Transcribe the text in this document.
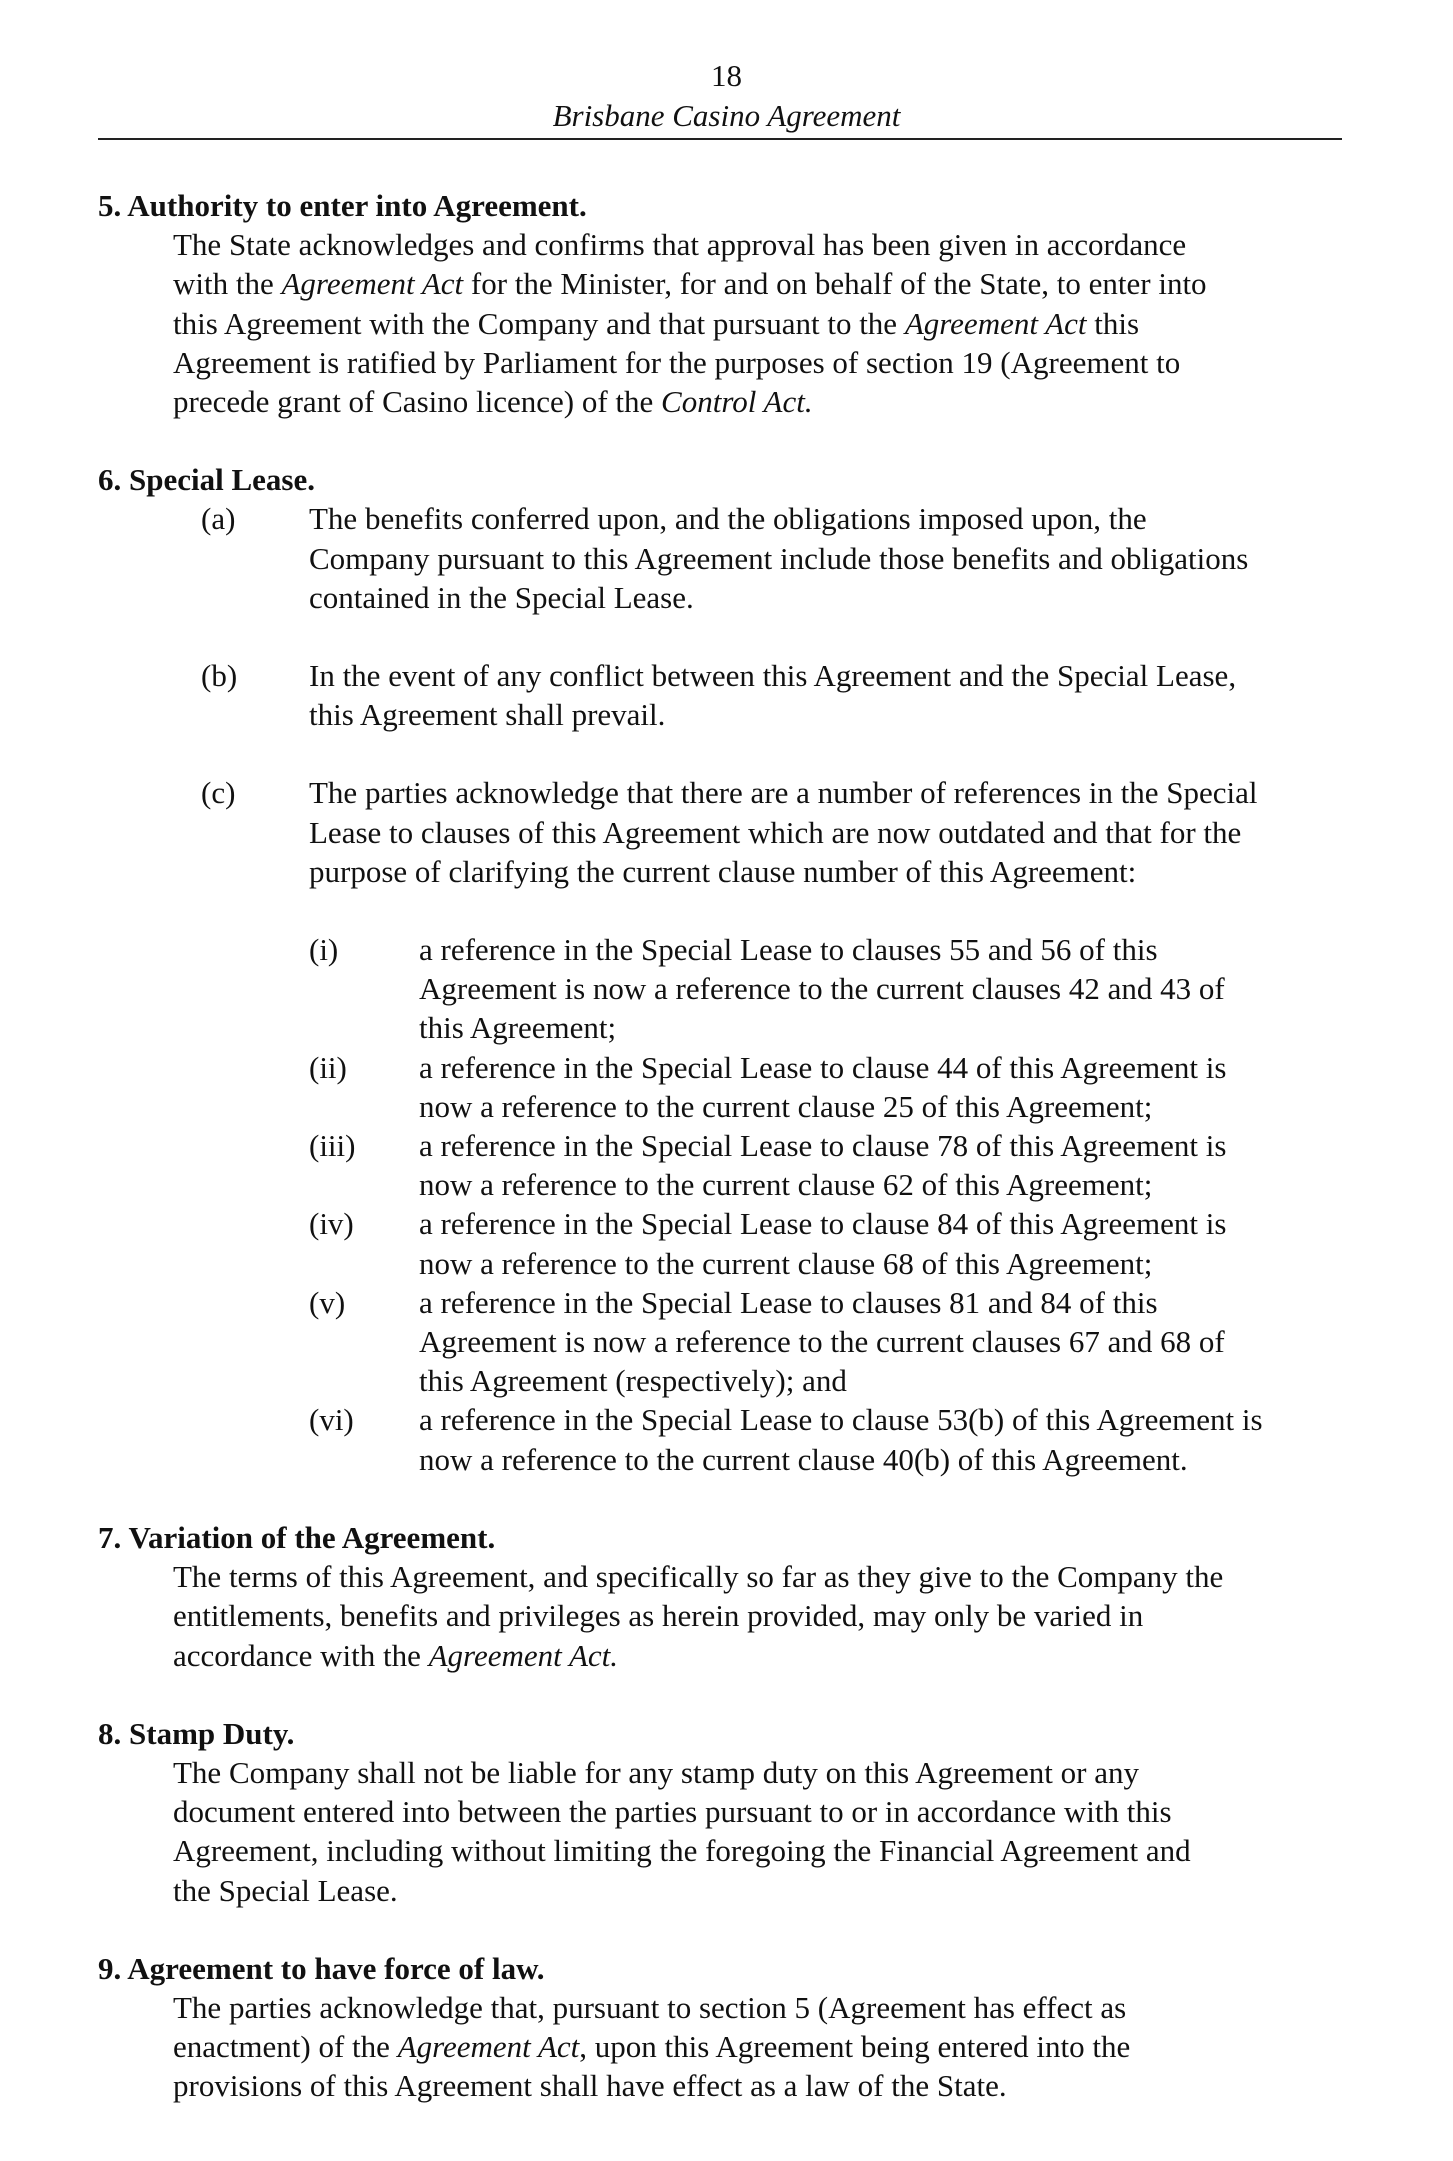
18
Brisbane Casino Agreement

5. Authority to enter into Agreement.

The State acknowledges and confirms that approval has been given in accordance
with the Agreement Act for the Minister, for and on behalf of the State, to enter into
this Agreement with the Company and that pursuant to the Agreement Act this
Agreement is ratified by Parliament for the purposes of section 19 (Agreement to
precede grant of Casino licence) of the Control Act.

6. Special Lease.

(a)	The benefits conferred upon, and the obligations imposed upon, the
Company pursuant to this Agreement include those benefits and obligations
contained in the Special Lease.
(b)	In the event of any conflict between this Agreement and the Special Lease,
this Agreement shall prevail.
(c)	The parties acknowledge that there are a number of references in the Special
Lease to clauses of this Agreement which are now outdated and that for the
purpose of clarifying the current clause number of this Agreement:
(i)	a reference in the Special Lease to clauses 55 and 56 of this
Agreement is now a reference to the current clauses 42 and 43 of
this Agreement;
(ii)	a reference in the Special Lease to clause 44 of this Agreement is
now a reference to the current clause 25 of this Agreement;
(iii)	a reference in the Special Lease to clause 78 of this Agreement is
now a reference to the current clause 62 of this Agreement;
(iv)	a reference in the Special Lease to clause 84 of this Agreement is
now a reference to the current clause 68 of this Agreement;
(v)	a reference in the Special Lease to clauses 81 and 84 of this
Agreement is now a reference to the current clauses 67 and 68 of
this Agreement (respectively); and
(vi)	a reference in the Special Lease to clause 53(b) of this Agreement is
now a reference to the current clause 40(b) of this Agreement.

7. Variation of the Agreement.

The terms of this Agreement, and specifically so far as they give to the Company the
entitlements, benefits and privileges as herein provided, may only be varied in
accordance with the Agreement Act.

8. Stamp Duty.

The Company shall not be liable for any stamp duty on this Agreement or any
document entered into between the parties pursuant to or in accordance with this
Agreement, including without limiting the foregoing the Financial Agreement and
the Special Lease.

9. Agreement to have force of law.

The parties acknowledge that, pursuant to section 5 (Agreement has effect as
enactment) of the Agreement Act, upon this Agreement being entered into the
provisions of this Agreement shall have effect as a law of the State.
